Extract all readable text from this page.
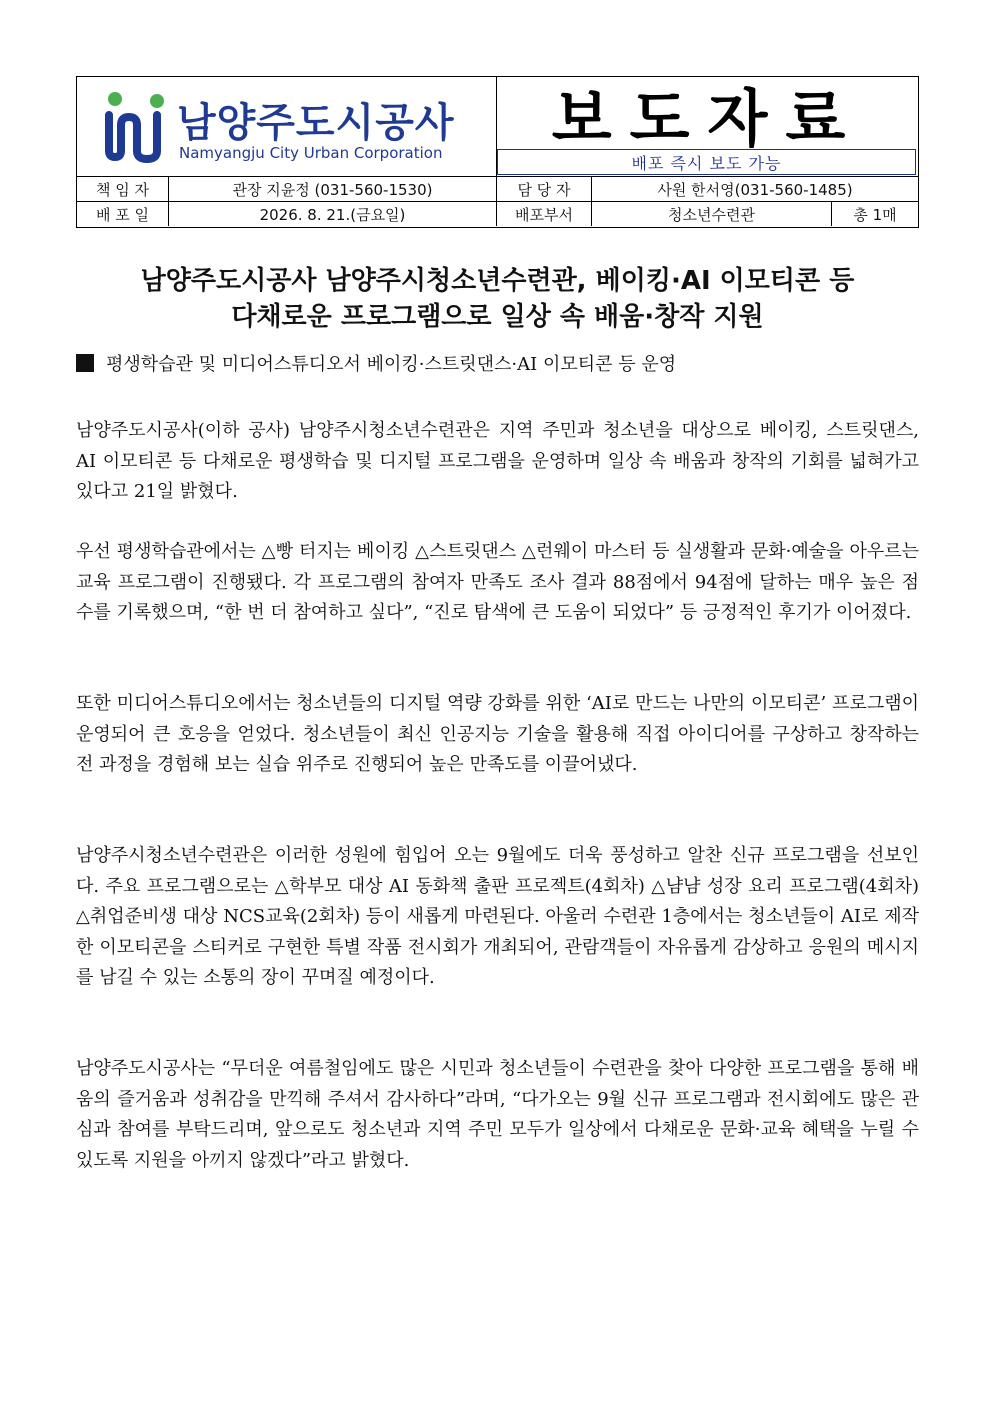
남양주도시공사
Namyangju City Urban Corporation	보도자료
배포 즉시 보도 가능
책 임 자	관장 지윤정 (031-560-1530)	담 당 자	사원 한서영(031-560-1485)
배 포 일	2026. 8. 21.(금요일)	배포부서	청소년수련관	총 1매
남양주도시공사 남양주시청소년수련관, 베이킹·AI 이모티콘 등
다채로운 프로그램으로 일상 속 배움·창작 지원
평생학습관 및 미디어스튜디오서 베이킹·스트릿댄스·AI 이모티콘 등 운영

남양주도시공사(이하 공사) 남양주시청소년수련관은 지역 주민과 청소년을 대상으로 베이킹, 스트릿댄스, AI 이모티콘 등 다채로운 평생학습 및 디지털 프로그램을 운영하며 일상 속 배움과 창작의 기회를 넓혀가고 있다고 21일 밝혔다.

우선 평생학습관에서는 △빵 터지는 베이킹 △스트릿댄스 △런웨이 마스터 등 실생활과 문화·예술을 아우르는 교육 프로그램이 진행됐다. 각 프로그램의 참여자 만족도 조사 결과 88점에서 94점에 달하는 매우 높은 점수를 기록했으며, “한 번 더 참여하고 싶다”, “진로 탐색에 큰 도움이 되었다” 등 긍정적인 후기가 이어졌다.

또한 미디어스튜디오에서는 청소년들의 디지털 역량 강화를 위한 ‘AI로 만드는 나만의 이모티콘’ 프로그램이 운영되어 큰 호응을 얻었다. 청소년들이 최신 인공지능 기술을 활용해 직접 아이디어를 구상하고 창작하는 전 과정을 경험해 보는 실습 위주로 진행되어 높은 만족도를 이끌어냈다.

남양주시청소년수련관은 이러한 성원에 힘입어 오는 9월에도 더욱 풍성하고 알찬 신규 프로그램을 선보인다. 주요 프로그램으로는 △학부모 대상 AI 동화책 출판 프로젝트(4회차) △냠냠 성장 요리 프로그램(4회차) △취업준비생 대상 NCS교육(2회차) 등이 새롭게 마련된다. 아울러 수련관 1층에서는 청소년들이 AI로 제작한 이모티콘을 스티커로 구현한 특별 작품 전시회가 개최되어, 관람객들이 자유롭게 감상하고 응원의 메시지를 남길 수 있는 소통의 장이 꾸며질 예정이다.

남양주도시공사는 “무더운 여름철임에도 많은 시민과 청소년들이 수련관을 찾아 다양한 프로그램을 통해 배움의 즐거움과 성취감을 만끽해 주셔서 감사하다”라며, “다가오는 9월 신규 프로그램과 전시회에도 많은 관심과 참여를 부탁드리며, 앞으로도 청소년과 지역 주민 모두가 일상에서 다채로운 문화·교육 혜택을 누릴 수 있도록 지원을 아끼지 않겠다”라고 밝혔다.
